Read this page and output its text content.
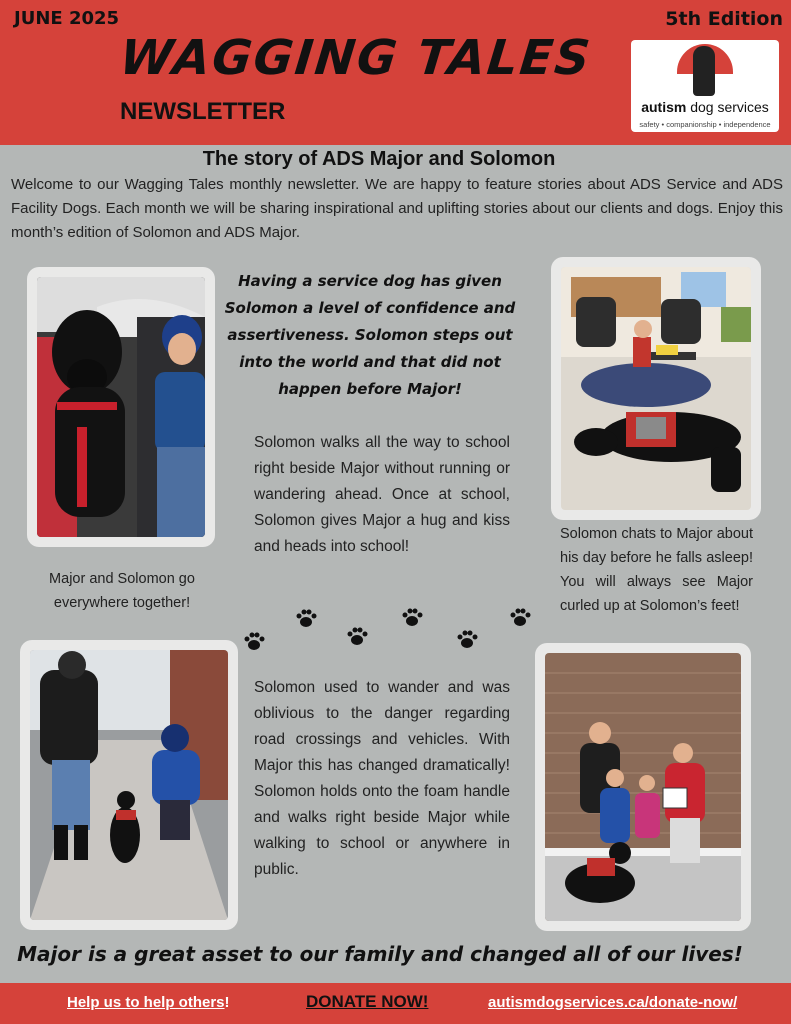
JUNE 2025	5th Edition
WAGGING TALES
NEWSLETTER	autism dog services
safety • companionship • independence
The story of ADS Major and Solomon
Welcome to our Wagging Tales monthly newsletter. We are happy to feature stories about ADS Service and ADS Facility Dogs. Each month we will be sharing inspirational and uplifting stories about our clients and dogs. Enjoy this month’s edition of Solomon and ADS Major.
Major and Solomon go everywhere together!
Having a service dog has given Solomon a level of confidence and assertiveness. Solomon steps out into the world and that did not happen before Major!
Solomon walks all the way to school right beside Major without running or wandering ahead. Once at school, Solomon gives Major a hug and kiss and heads into school!
Solomon chats to Major about his day before he falls asleep! You will always see Major curled up at Solomon’s feet!
Solomon used to wander and was oblivious to the danger regarding road crossings and vehicles. With Major this has changed dramatically! Solomon holds onto the foam handle and walks right beside Major while walking to school or anywhere in public.
Major is a great asset to our family and changed all of our lives!
Help us to help others!	DONATE NOW!	autismdogservices.ca/donate-now/
